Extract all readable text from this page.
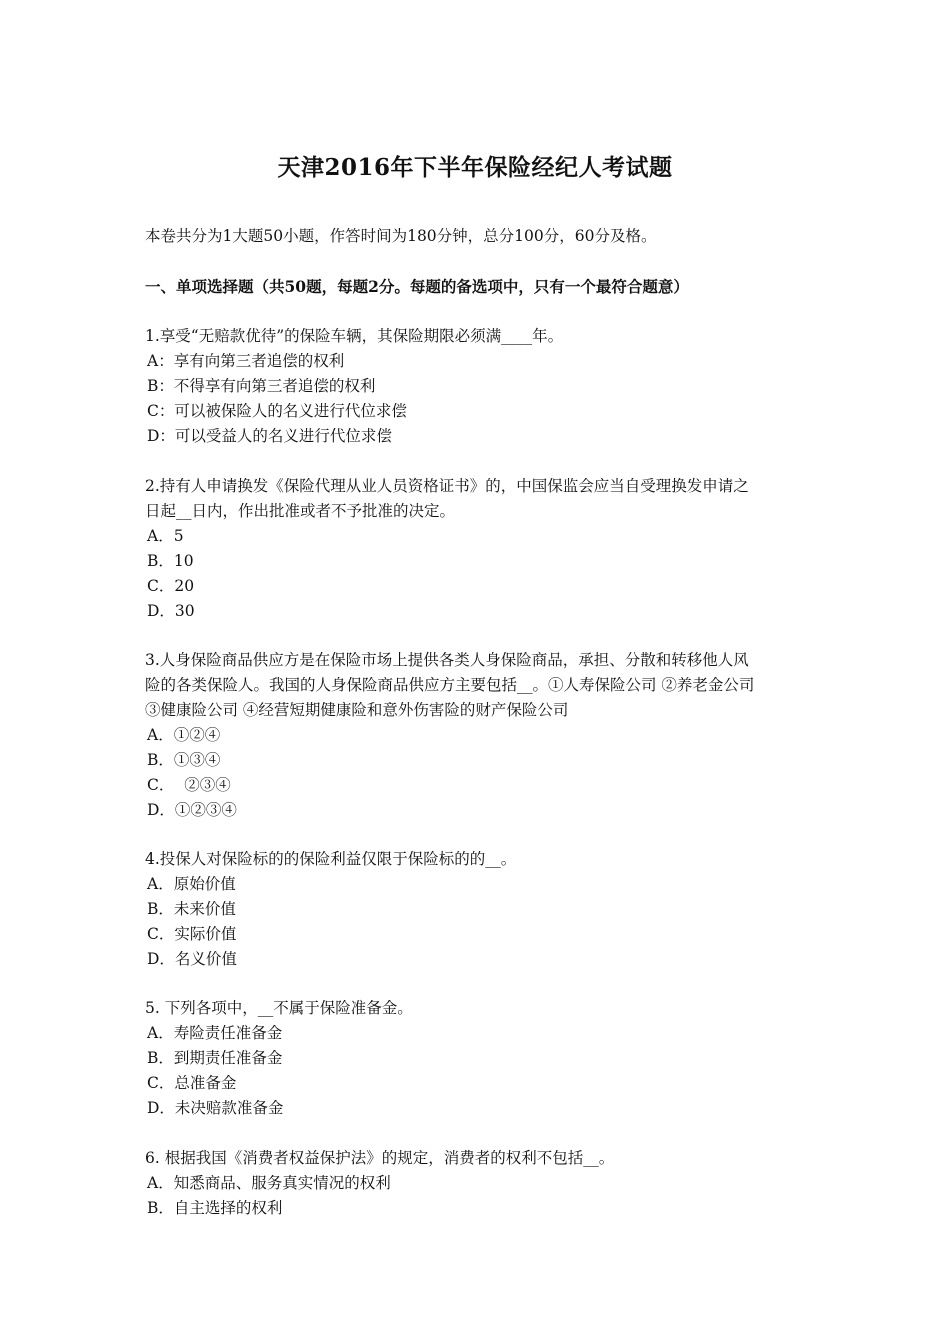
天津2016年下半年保险经纪人考试题
本卷共分为1大题50小题，作答时间为180分钟，总分100分，60分及格。
一、单项选择题（共50题，每题2分。每题的备选项中，只有一个最符合题意）
1.享受“无赔款优待”的保险车辆，其保险期限必须满____年。
A：享有向第三者追偿的权利
B：不得享有向第三者追偿的权利
C：可以被保险人的名义进行代位求偿
D：可以受益人的名义进行代位求偿
2.持有人申请换发《保险代理从业人员资格证书》的，中国保监会应当自受理换发申请之
日起__日内，作出批准或者不予批准的决定。
A．5
B．10
C．20
D．30
3.人身保险商品供应方是在保险市场上提供各类人身保险商品，承担、分散和转移他人风
险的各类保险人。我国的人身保险商品供应方主要包括__。①人寿保险公司 ②养老金公司
③健康险公司 ④经营短期健康险和意外伤害险的财产保险公司
A．①②④
B．①③④
C．  ②③④
D．①②③④
4.投保人对保险标的的保险利益仅限于保险标的的__。
A．原始价值
B．未来价值
C．实际价值
D．名义价值
5. 下列各项中，__不属于保险准备金。
A．寿险责任准备金
B．到期责任准备金
C．总准备金
D．未决赔款准备金
6. 根据我国《消费者权益保护法》的规定，消费者的权利不包括__。
A．知悉商品、服务真实情况的权利
B．自主选择的权利
